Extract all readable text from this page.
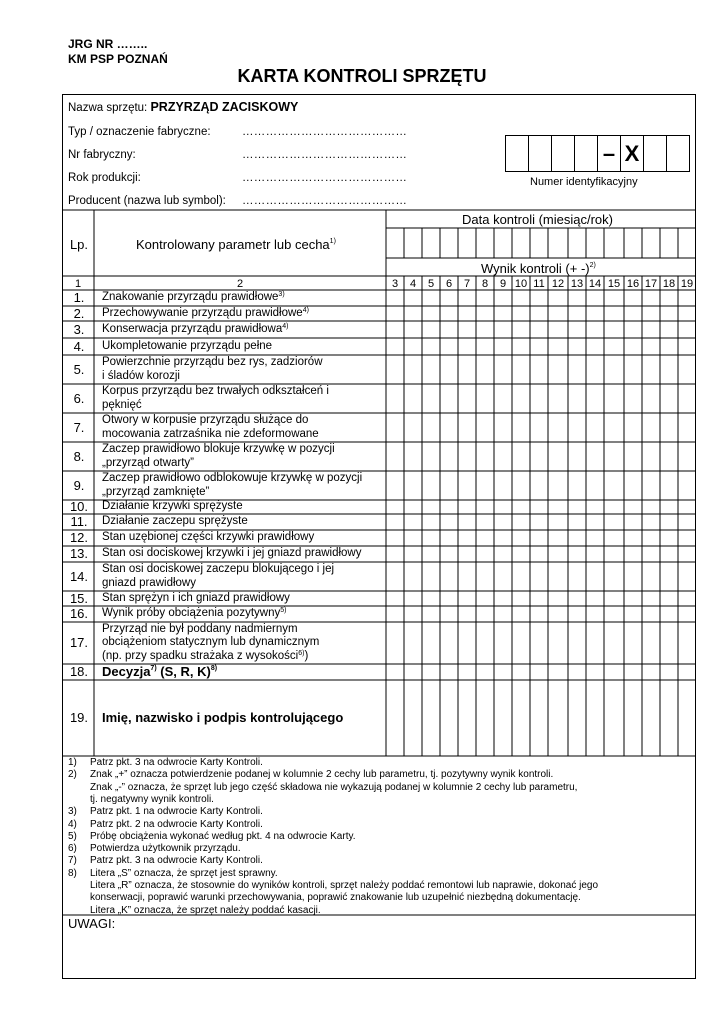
JRG NR ……..
KM PSP POZNAŃ
KARTA KONTROLI SPRZĘTU
Nazwa sprzętu: PRZYRZĄD ZACISKOWY
Typ / oznaczenie fabryczne:	……………………………………
Nr fabryczny:	……………………………………
Rok produkcji:	……………………………………
Producent (nazwa lub symbol): ……………………………………
– X
Numer identyfikacyjny
Lp.	Kontrolowany parametr lub cecha$^{1)}$
Data kontroli (miesiąc/rok)
Wynik kontroli (+ -)$^{2)}$
1	2	3	4	5	6	7	8	9 10 11 12 13 14 15 16 17 18 19
1.	Znakowanie przyrządu prawidłowe$^{3)}$
2.	Przechowywanie przyrządu prawidłowe$^{4)}$
3.	Konserwacja przyrządu prawidłowa$^{4)}$
4.	Ukompletowanie przyrządu pełne
5.	Powierzchnie przyrządu bez rys, zadziorów
i śladów korozji
6.	Korpus przyrządu bez trwałych odkształceń i
pęknięć
7.	Otwory w korpusie przyrządu służące do
mocowania zatrzaśnika nie zdeformowane
8.	Zaczep prawidłowo blokuje krzywkę w pozycji
„przyrząd otwarty”
9.	Zaczep prawidłowo odblokowuje krzywkę w pozycji
„przyrząd zamknięte”
10.	Działanie krzywki sprężyste
11.	Działanie zaczepu sprężyste
12.	Stan uzębionej części krzywki prawidłowy
13.	Stan osi dociskowej krzywki i jej gniazd prawidłowy
14.	Stan osi dociskowej zaczepu blokującego i jej
gniazd prawidłowy
15.	Stan sprężyn i ich gniazd prawidłowy
16.	Wynik próby obciążenia pozytywny$^{5)}$
17.
Przyrząd nie był poddany nadmiernym
obciążeniom statycznym lub dynamicznym
(np. przy spadku strażaka z wysokości$^{6)}$)
18.	Decyzja$^{7)}$ (S, R, K)$^{8)}$
19.	Imię, nazwisko i podpis kontrolującego
1) Patrz pkt. 3 na odwrocie Karty Kontroli.
2) Znak „+” oznacza potwierdzenie podanej w kolumnie 2 cechy lub parametru, tj. pozytywny wynik kontroli.
Znak „-” oznacza, że sprzęt lub jego część składowa nie wykazują podanej w kolumnie 2 cechy lub parametru,
tj. negatywny wynik kontroli.
3) Patrz pkt. 1 na odwrocie Karty Kontroli.
4) Patrz pkt. 2 na odwrocie Karty Kontroli.
5) Próbę obciążenia wykonać według pkt. 4 na odwrocie Karty.
6) Potwierdza użytkownik przyrządu.
7) Patrz pkt. 3 na odwrocie Karty Kontroli.
8) Litera „S” oznacza, że sprzęt jest sprawny.
Litera „R” oznacza, że stosownie do wyników kontroli, sprzęt należy poddać remontowi lub naprawie, dokonać jego
konserwacji, poprawić warunki przechowywania, poprawić znakowanie lub uzupełnić niezbędną dokumentację.
Litera „K” oznacza, że sprzęt należy poddać kasacji.
UWAGI:
